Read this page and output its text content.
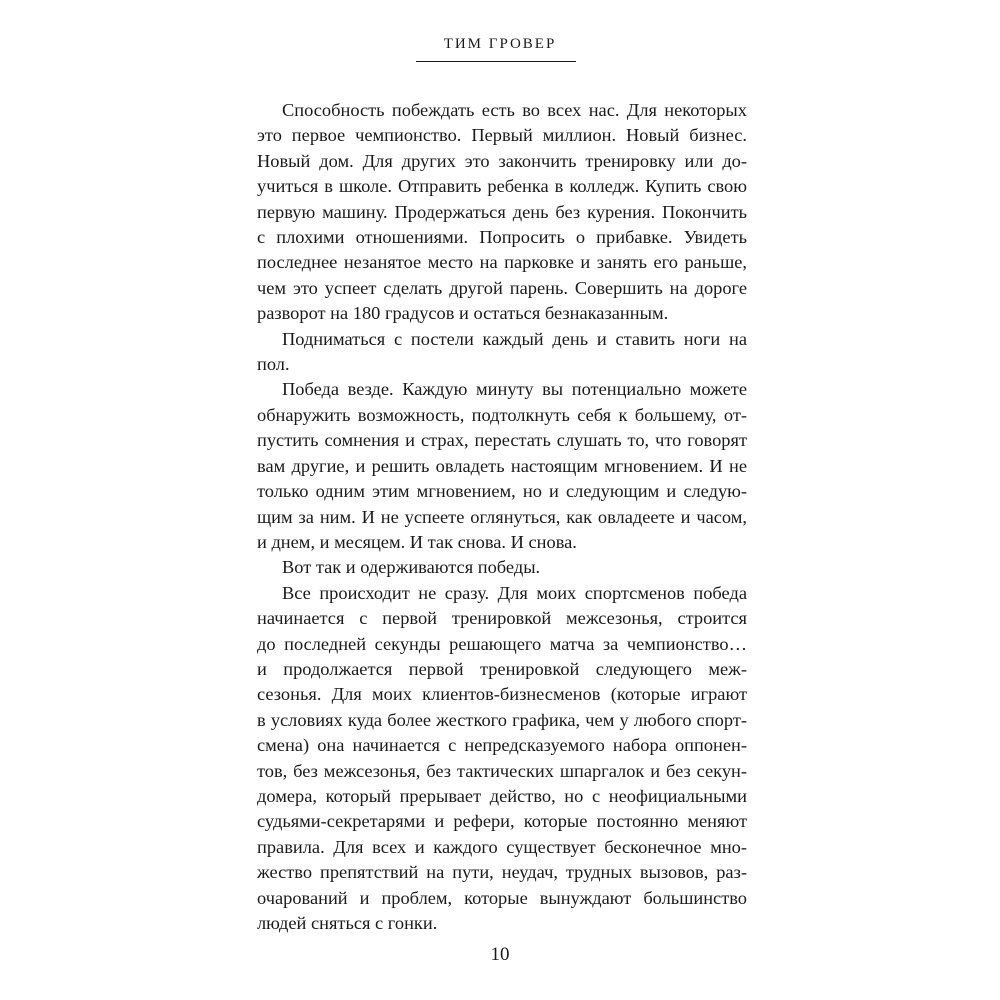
ТИМ ГРОВЕР
Способность побеждать есть во всех нас. Для некоторых
это первое чемпионство. Первый миллион. Новый бизнес.
Новый дом. Для других это закончить тренировку или до-
учиться в школе. Отправить ребенка в колледж. Купить свою
первую машину. Продержаться день без курения. Покончить
с плохими отношениями. Попросить о прибавке. Увидеть
последнее незанятое место на парковке и занять его раньше,
чем это успеет сделать другой парень. Совершить на дороге
разворот на 180 градусов и остаться безнаказанным.
Подниматься с постели каждый день и ставить ноги на
пол.
Победа везде. Каждую минуту вы потенциально можете
обнаружить возможность, подтолкнуть себя к большему, от-
пустить сомнения и страх, перестать слушать то, что говорят
вам другие, и решить овладеть настоящим мгновением. И не
только одним этим мгновением, но и следующим и следую-
щим за ним. И не успеете оглянуться, как овладеете и часом,
и днем, и месяцем. И так снова. И снова.
Вот так и одерживаются победы.
Все происходит не сразу. Для моих спортсменов победа
начинается с первой тренировкой межсезонья, строится
до последней секунды решающего матча за чемпионство…
и продолжается первой тренировкой следующего меж-
сезонья. Для моих клиентов-бизнесменов (которые играют
в условиях куда более жесткого графика, чем у любого спорт-
смена) она начинается с непредсказуемого набора оппонен-
тов, без межсезонья, без тактических шпаргалок и без секун-
домера, который прерывает действо, но с неофициальными
судьями-секретарями и рефери, которые постоянно меняют
правила. Для всех и каждого существует бесконечное мно-
жество препятствий на пути, неудач, трудных вызовов, раз-
очарований и проблем, которые вынуждают большинство
людей сняться с гонки.
10
